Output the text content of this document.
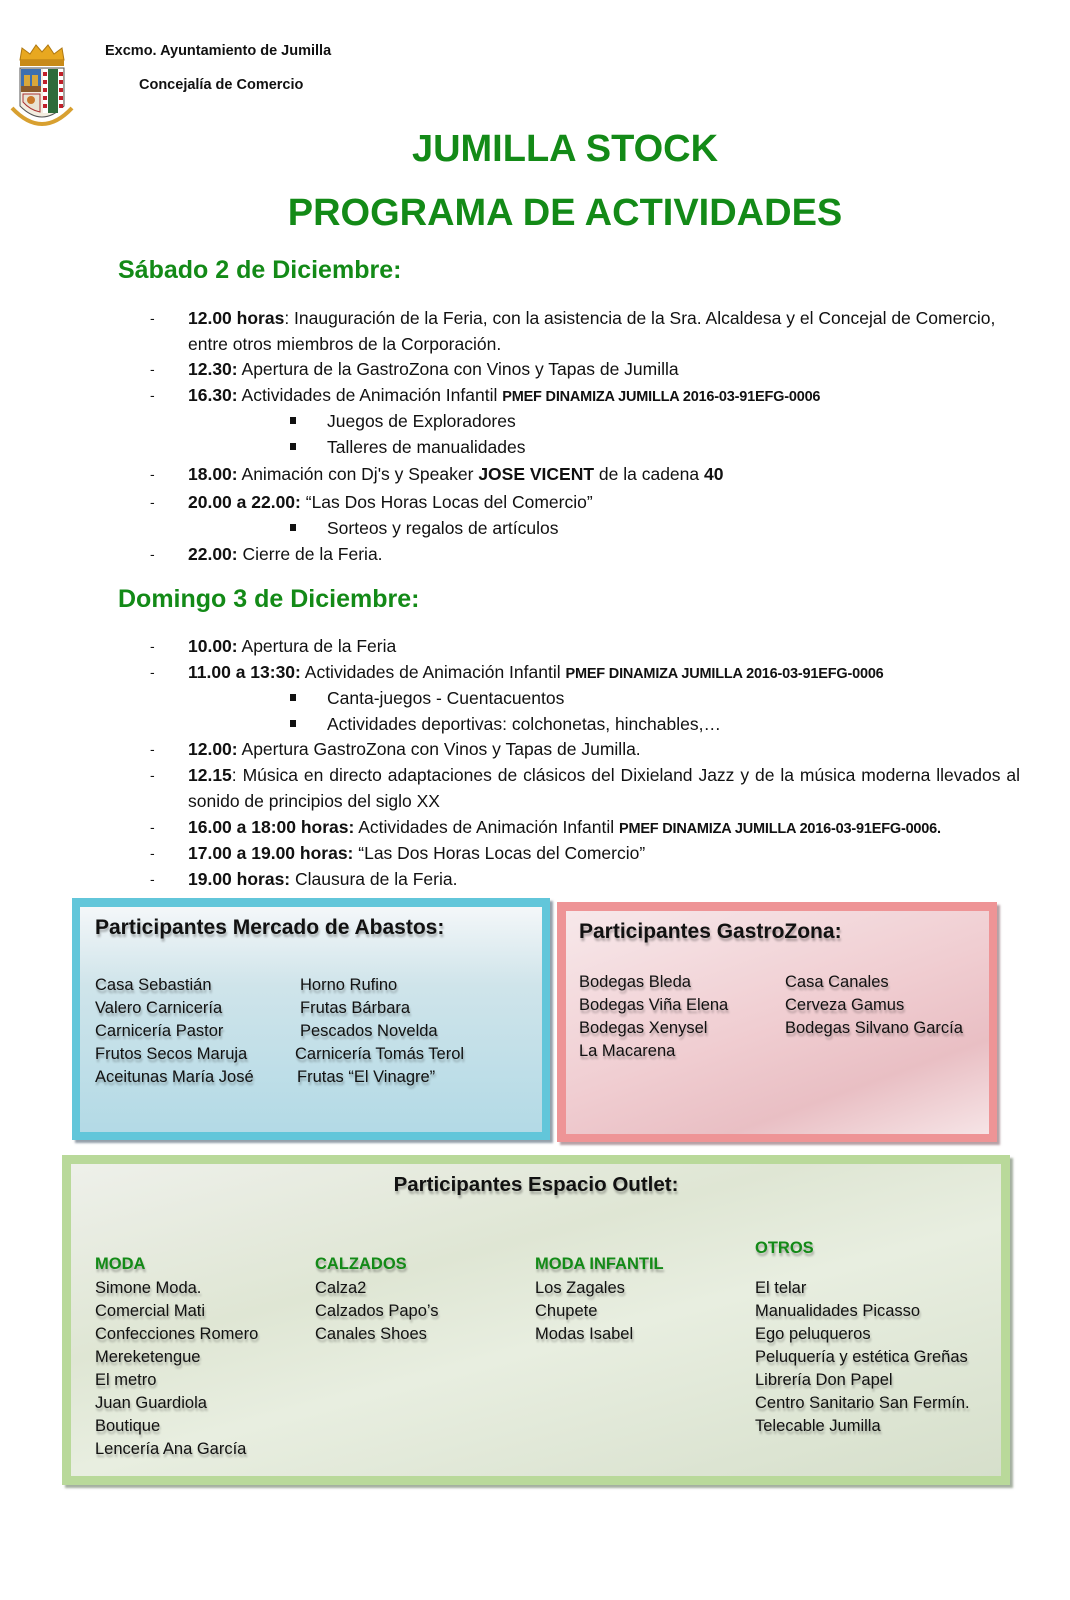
Excmo. Ayuntamiento de Jumilla
Concejalía de Comercio
JUMILLA STOCK
PROGRAMA DE ACTIVIDADES
Sábado 2 de Diciembre:
- 12.00 horas: Inauguración de la Feria, con la asistencia de la Sra. Alcaldesa y el Concejal de Comercio, entre otros miembros de la Corporación.
- 12.30: Apertura de la GastroZona con Vinos y Tapas de Jumilla
- 16.30: Actividades de Animación Infantil PMEF DINAMIZA JUMILLA 2016-03-91EFG-0006
Juegos de Exploradores
Talleres de manualidades
- 18.00: Animación con Dj's y Speaker JOSE VICENT de la cadena 40
- 20.00 a 22.00: “Las Dos Horas Locas del Comercio”
Sorteos y regalos de artículos
- 22.00: Cierre de la Feria.
Domingo 3 de Diciembre:
- 10.00: Apertura de la Feria
- 11.00 a 13:30: Actividades de Animación Infantil PMEF DINAMIZA JUMILLA 2016-03-91EFG-0006
Canta-juegos - Cuentacuentos
Actividades deportivas: colchonetas, hinchables,…
- 12.00: Apertura GastroZona con Vinos y Tapas de Jumilla.
- 12.15: Música en directo adaptaciones de clásicos del Dixieland Jazz y de la música moderna llevados al sonido de principios del siglo XX
- 16.00 a 18:00 horas: Actividades de Animación Infantil PMEF DINAMIZA JUMILLA 2016-03-91EFG-0006.
- 17.00 a 19.00 horas: “Las Dos Horas Locas del Comercio”
- 19.00 horas: Clausura de la Feria.
Participantes Mercado de Abastos:
Casa Sebastián
Valero Carnicería
Carnicería Pastor
Frutos Secos Maruja
Aceitunas María José
Horno Rufino
Frutas Bárbara
Pescados Novelda
Carnicería Tomás Terol
Frutas “El Vinagre”
Participantes GastroZona:
Bodegas Bleda
Bodegas Viña Elena
Bodegas Xenysel
La Macarena
Casa Canales
Cerveza Gamus
Bodegas Silvano García
Participantes Espacio Outlet:
MODA
Simone Moda.
Comercial Mati
Confecciones Romero
Mereketengue
El metro
Juan Guardiola
Boutique
Lencería Ana García
CALZADOS
Calza2
Calzados Papo’s
Canales Shoes
MODA INFANTIL
Los Zagales
Chupete
Modas Isabel
OTROS
El telar
Manualidades Picasso
Ego peluqueros
Peluquería y estética Greñas
Librería Don Papel
Centro Sanitario San Fermín.
Telecable Jumilla
